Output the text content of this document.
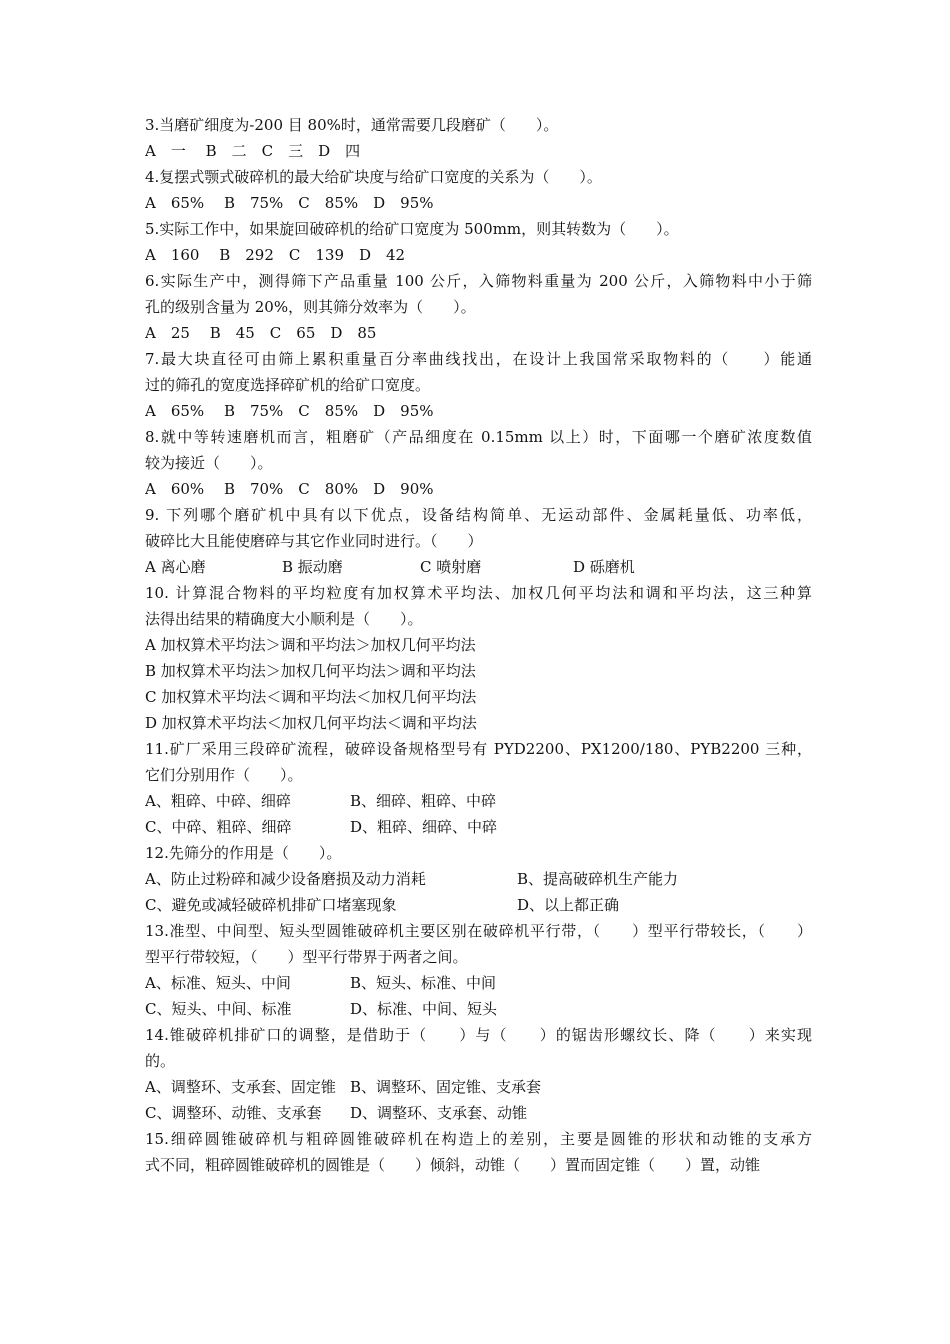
3.当磨矿细度为-200 目 80%时，通常需要几段磨矿（　　）。
A　一　 B　二　C　三　D　四
4.复摆式颚式破碎机的最大给矿块度与给矿口宽度的关系为（　　）。
A　65%　 B　75%　C　85%　D　95%
5.实际工作中，如果旋回破碎机的给矿口宽度为 500mm，则其转数为（　　）。
A　160　 B　292　C　139　D　42
6.实际生产中，测得筛下产品重量 100 公斤，入筛物料重量为 200 公斤，入筛物料中小于筛
孔的级别含量为 20%，则其筛分效率为（　　）。
A　25　 B　45　C　65　D　85
7.最大块直径可由筛上累积重量百分率曲线找出，在设计上我国常采取物料的（　　）能通
过的筛孔的宽度选择碎矿机的给矿口宽度。
A　65%　 B　75%　C　85%　D　95%
8.就中等转速磨机而言，粗磨矿（产品细度在 0.15mm 以上）时，下面哪一个磨矿浓度数值
较为接近（　　）。
A　60%　 B　70%　C　80%　D　90%
9. 下列哪个磨矿机中具有以下优点，设备结构简单、无运动部件、金属耗量低、功率低，
破碎比大且能使磨碎与其它作业同时进行。（　　）
A 离心磨	B 振动磨	C 喷射磨	D 砾磨机
10. 计算混合物料的平均粒度有加权算术平均法、加权几何平均法和调和平均法，这三种算
法得出结果的精确度大小顺利是（　　）。
A 加权算术平均法＞调和平均法＞加权几何平均法
B 加权算术平均法＞加权几何平均法＞调和平均法
C 加权算术平均法＜调和平均法＜加权几何平均法
D 加权算术平均法＜加权几何平均法＜调和平均法
11.矿厂采用三段碎矿流程，破碎设备规格型号有 PYD2200、PX1200/180、PYB2200 三种，
它们分别用作（　　）。
A、粗碎、中碎、细碎	B、细碎、粗碎、中碎
C、中碎、粗碎、细碎	D、粗碎、细碎、中碎
12.先筛分的作用是（　　）。
A、防止过粉碎和减少设备磨损及动力消耗	B、提高破碎机生产能力
C、避免或减轻破碎机排矿口堵塞现象	D、以上都正确
13.准型、中间型、短头型圆锥破碎机主要区别在破碎机平行带，（　　）型平行带较长，（　　）
型平行带较短，（　　）型平行带界于两者之间。
A、标准、短头、中间	B、短头、标准、中间
C、短头、中间、标准	D、标准、中间、短头
14.锥破碎机排矿口的调整，是借助于（　　）与（　　）的锯齿形螺纹长、降（　　）来实现
的。
A、调整环、支承套、固定锥 B、调整环、固定锥、支承套
C、调整环、动锥、支承套	D、调整环、支承套、动锥
15.细碎圆锥破碎机与粗碎圆锥破碎机在构造上的差别，主要是圆锥的形状和动锥的支承方
式不同，粗碎圆锥破碎机的圆锥是（　　）倾斜，动锥（　　）置而固定锥（　　）置，动锥
